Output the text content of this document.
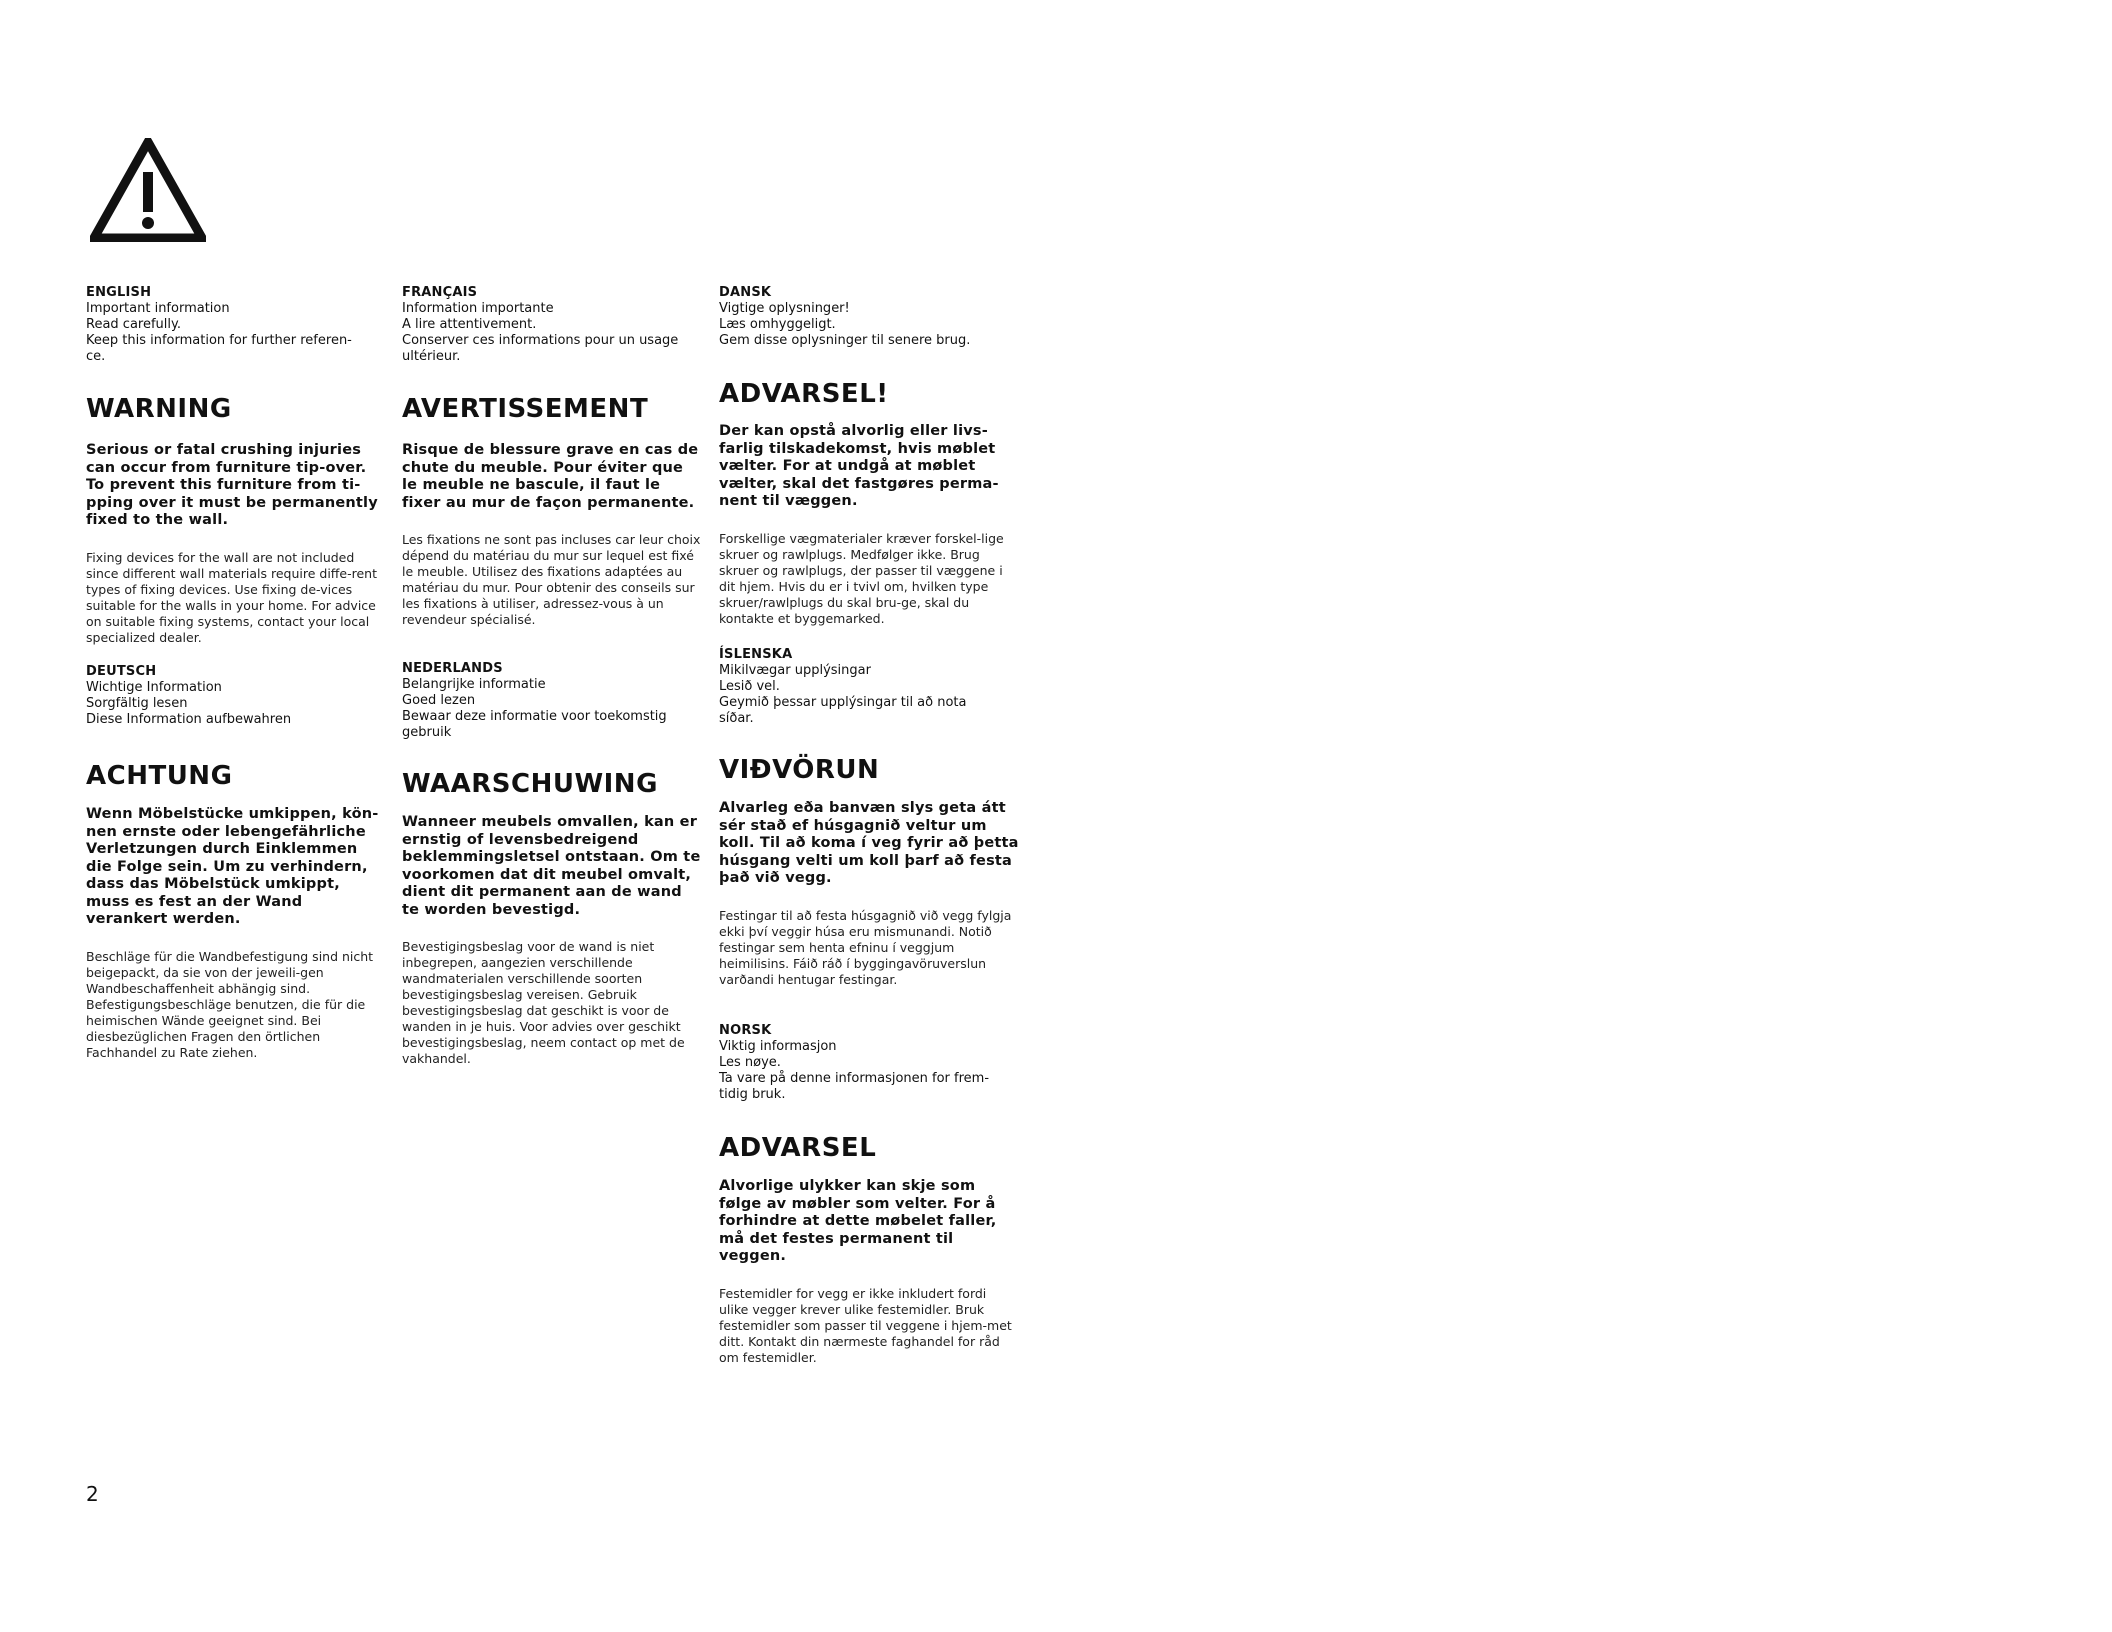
ENGLISH

Important information
Read carefully.
Keep this information for further referen-
ce.

WARNING

Serious or fatal crushing injuries can occur from furniture tip-over. To prevent this furniture from ti-pping over it must be permanently fixed to the wall.

Fixing devices for the wall are not included since different wall materials require diffe-rent types of fixing devices. Use fixing de-vices suitable for the walls in your home. For advice on suitable fixing systems, contact your local specialized dealer.

DEUTSCH

Wichtige Information
Sorgfältig lesen
Diese Information aufbewahren

ACHTUNG

Wenn Möbelstücke umkippen, kön-nen ernste oder lebengefährliche Verletzungen durch Einklemmen die Folge sein. Um zu verhindern, dass das Möbelstück umkippt, muss es fest an der Wand verankert werden.

Beschläge für die Wandbefestigung sind nicht beigepackt, da sie von der jeweili-gen Wandbeschaffenheit abhängig sind. Befestigungsbeschläge benutzen, die für die heimischen Wände geeignet sind. Bei diesbezüglichen Fragen den örtlichen Fachhandel zu Rate ziehen.

FRANÇAIS

Information importante
A lire attentivement.
Conserver ces informations pour un usage
ultérieur.

AVERTISSEMENT

Risque de blessure grave en cas de chute du meuble. Pour éviter que le meuble ne bascule, il faut le fixer au mur de façon permanente.

Les fixations ne sont pas incluses car leur choix dépend du matériau du mur sur lequel est fixé le meuble. Utilisez des fixations adaptées au matériau du mur. Pour obtenir des conseils sur les fixations à utiliser, adressez-vous à un revendeur spécialisé.

NEDERLANDS

Belangrijke informatie
Goed lezen
Bewaar deze informatie voor toekomstig
gebruik

WAARSCHUWING

Wanneer meubels omvallen, kan er ernstig of levensbedreigend beklemmingsletsel ontstaan. Om te voorkomen dat dit meubel omvalt, dient dit permanent aan de wand te worden bevestigd.

Bevestigingsbeslag voor de wand is niet inbegrepen, aangezien verschillende wandmaterialen verschillende soorten bevestigingsbeslag vereisen. Gebruik bevestigingsbeslag dat geschikt is voor de wanden in je huis. Voor advies over geschikt bevestigingsbeslag, neem contact op met de vakhandel.

DANSK

Vigtige oplysninger!
Læs omhyggeligt.
Gem disse oplysninger til senere brug.

ADVARSEL!

Der kan opstå alvorlig eller livs-farlig tilskadekomst, hvis møblet vælter. For at undgå at møblet vælter, skal det fastgøres perma-nent til væggen.

Forskellige vægmaterialer kræver forskel-lige skruer og rawlplugs. Medfølger ikke. Brug skruer og rawlplugs, der passer til væggene i dit hjem. Hvis du er i tvivl om, hvilken type skruer/rawlplugs du skal bru-ge, skal du kontakte et byggemarked.

ÍSLENSKA

Mikilvægar upplýsingar
Lesið vel.
Geymið þessar upplýsingar til að nota
síðar.

VIÐVÖRUN

Alvarleg eða banvæn slys geta átt sér stað ef húsgagnið veltur um koll. Til að koma í veg fyrir að þetta húsgang velti um koll þarf að festa það við vegg.

Festingar til að festa húsgagnið við vegg fylgja ekki því veggir húsa eru mismunandi. Notið festingar sem henta efninu í veggjum heimilisins. Fáið ráð í byggingavöruverslun varðandi hentugar festingar.

NORSK

Viktig informasjon
Les nøye.
Ta vare på denne informasjonen for frem-
tidig bruk.

ADVARSEL

Alvorlige ulykker kan skje som følge av møbler som velter. For å forhindre at dette møbelet faller, må det festes permanent til veggen.

Festemidler for vegg er ikke inkludert fordi ulike vegger krever ulike festemidler. Bruk festemidler som passer til veggene i hjem-met ditt. Kontakt din nærmeste faghandel for råd om festemidler.

2
